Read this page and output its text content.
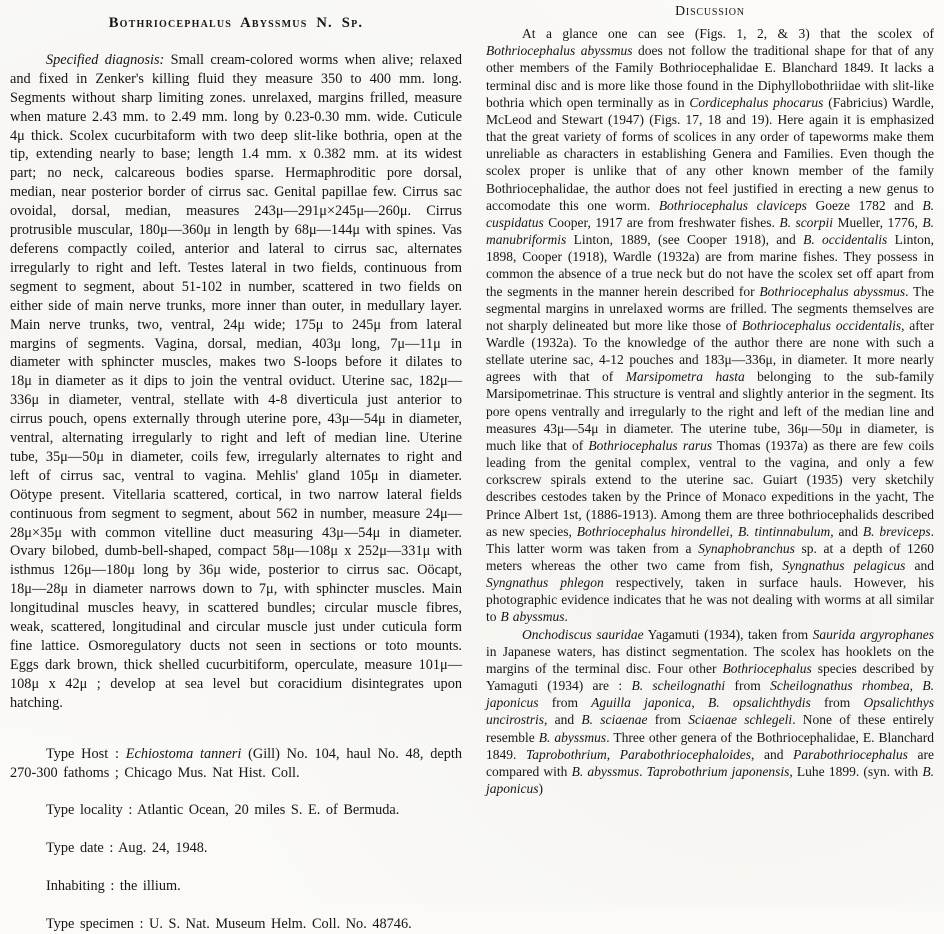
Bothriocephalus Abyssmus N. Sp.

Specified diagnosis: Small cream-colored worms when alive; relaxed and fixed in Zenker's killing fluid they measure 350 to 400 mm. long. Segments without sharp limiting zones. unrelaxed, margins frilled, measure when mature 2.43 mm. to 2.49 mm. long by 0.23-0.30 mm. wide. Cuticule 4μ thick. Scolex cucurbitaform with two deep slit-like bothria, open at the tip, extending nearly to base; length 1.4 mm. x 0.382 mm. at its widest part; no neck, calcareous bodies sparse. Hermaphroditic pore dorsal, median, near posterior border of cirrus sac. Genital papillae few. Cirrus sac ovoidal, dorsal, median, measures 243μ—291μ×245μ—260μ. Cirrus protrusible muscular, 180μ—360μ in length by 68μ—144μ with spines. Vas deferens compactly coiled, anterior and lateral to cirrus sac, alternates irregularly to right and left. Testes lateral in two fields, continuous from segment to segment, about 51-102 in number, scattered in two fields on either side of main nerve trunks, more inner than outer, in medullary layer. Main nerve trunks, two, ventral, 24μ wide; 175μ to 245μ from lateral margins of segments. Vagina, dorsal, median, 403μ long, 7μ—11μ in diameter with sphincter muscles, makes two S-loops before it dilates to 18μ in diameter as it dips to join the ventral oviduct. Uterine sac, 182μ—336μ in diameter, ventral, stellate with 4-8 diverticula just anterior to cirrus pouch, opens externally through uterine pore, 43μ—54μ in diameter, ventral, alternating irregularly to right and left of median line. Uterine tube, 35μ—50μ in diameter, coils few, irregularly alternates to right and left of cirrus sac, ventral to vagina. Mehlis' gland 105μ in diameter. Oötype present. Vitellaria scattered, cortical, in two narrow lateral fields continuous from segment to segment, about 562 in number, measure 24μ—28μ×35μ with common vitelline duct measuring 43μ—54μ in diameter. Ovary bilobed, dumb-bell-shaped, compact 58μ—108μ x 252μ—331μ with isthmus 126μ—180μ long by 36μ wide, posterior to cirrus sac. Oöcapt, 18μ—28μ in diameter narrows down to 7μ, with sphincter muscles. Main longitudinal muscles heavy, in scattered bundles; circular muscle fibres, weak, scattered, longitudinal and circular muscle just under cuticula form fine lattice. Osmoregulatory ducts not seen in sections or toto mounts. Eggs dark brown, thick shelled cucurbitiform, operculate, measure 101μ—108μ x 42μ ; develop at sea level but coracidium disintegrates upon hatching.

Type Host : Echiostoma tanneri (Gill) No. 104, haul No. 48, depth 270-300 fathoms ; Chicago Mus. Nat Hist. Coll.

Type locality : Atlantic Ocean, 20 miles S. E. of Bermuda.

Type date : Aug. 24, 1948.

Inhabiting : the illium.

Type specimen : U. S. Nat. Museum Helm. Coll. No. 48746.

Discussion

At a glance one can see (Figs. 1, 2, & 3) that the scolex of Bothriocephalus abyssmus does not follow the traditional shape for that of any other members of the Family Bothriocephalidae E. Blanchard 1849. It lacks a terminal disc and is more like those found in the Diphyllobothriidae with slit-like bothria which open terminally as in Cordicephalus phocarus (Fabricius) Wardle, McLeod and Stewart (1947) (Figs. 17, 18 and 19). Here again it is emphasized that the great variety of forms of scolices in any order of tapeworms make them unreliable as characters in establishing Genera and Families. Even though the scolex proper is unlike that of any other known member of the family Bothriocephalidae, the author does not feel justified in erecting a new genus to accomodate this one worm. Bothriocephalus claviceps Goeze 1782 and B. cuspidatus Cooper, 1917 are from freshwater fishes. B. scorpii Mueller, 1776, B. manubriformis Linton, 1889, (see Cooper 1918), and B. occidentalis Linton, 1898, Cooper (1918), Wardle (1932a) are from marine fishes. They possess in common the absence of a true neck but do not have the scolex set off apart from the segments in the manner herein described for Bothriocephalus abyssmus. The segmental margins in unrelaxed worms are frilled. The segments themselves are not sharply delineated but more like those of Bothriocephalus occidentalis, after Wardle (1932a). To the knowledge of the author there are none with such a stellate uterine sac, 4-12 pouches and 183μ—336μ, in diameter. It more nearly agrees with that of Marsipometra hasta belonging to the sub-family Marsipometrinae. This structure is ventral and slightly anterior in the segment. Its pore opens ventrally and irregularly to the right and left of the median line and measures 43μ—54μ in diameter. The uterine tube, 36μ—50μ in diameter, is much like that of Bothriocephalus rarus Thomas (1937a) as there are few coils leading from the genital complex, ventral to the vagina, and only a few corkscrew spirals extend to the uterine sac. Guiart (1935) very sketchily describes cestodes taken by the Prince of Monaco expeditions in the yacht, The Prince Albert 1st, (1886-1913). Among them are three bothriocephalids described as new species, Bothriocephalus hirondellei, B. tintinnabulum, and B. breviceps. This latter worm was taken from a Synaphobranchus sp. at a depth of 1260 meters whereas the other two came from fish, Syngnathus pelagicus and Syngnathus phlegon respectively, taken in surface hauls. However, his photographic evidence indicates that he was not dealing with worms at all similar to B abyssmus.

Onchodiscus sauridae Yagamuti (1934), taken from Saurida argyrophanes in Japanese waters, has distinct segmentation. The scolex has hooklets on the margins of the terminal disc. Four other Bothriocephalus species described by Yamaguti (1934) are : B. scheilognathi from Scheilognathus rhombea, B. japonicus from Aguilla japonica, B. opsalichthydis from Opsalichthys uncirostris, and B. sciaenae from Sciaenae schlegeli. None of these entirely resemble B. abyssmus. Three other genera of the Bothriocephalidae, E. Blanchard 1849. Taprobothrium, Parabothriocephaloides, and Parabothriocephalus are compared with B. abyssmus. Taprobothrium japonensis, Luhe 1899. (syn. with B. japonicus)
